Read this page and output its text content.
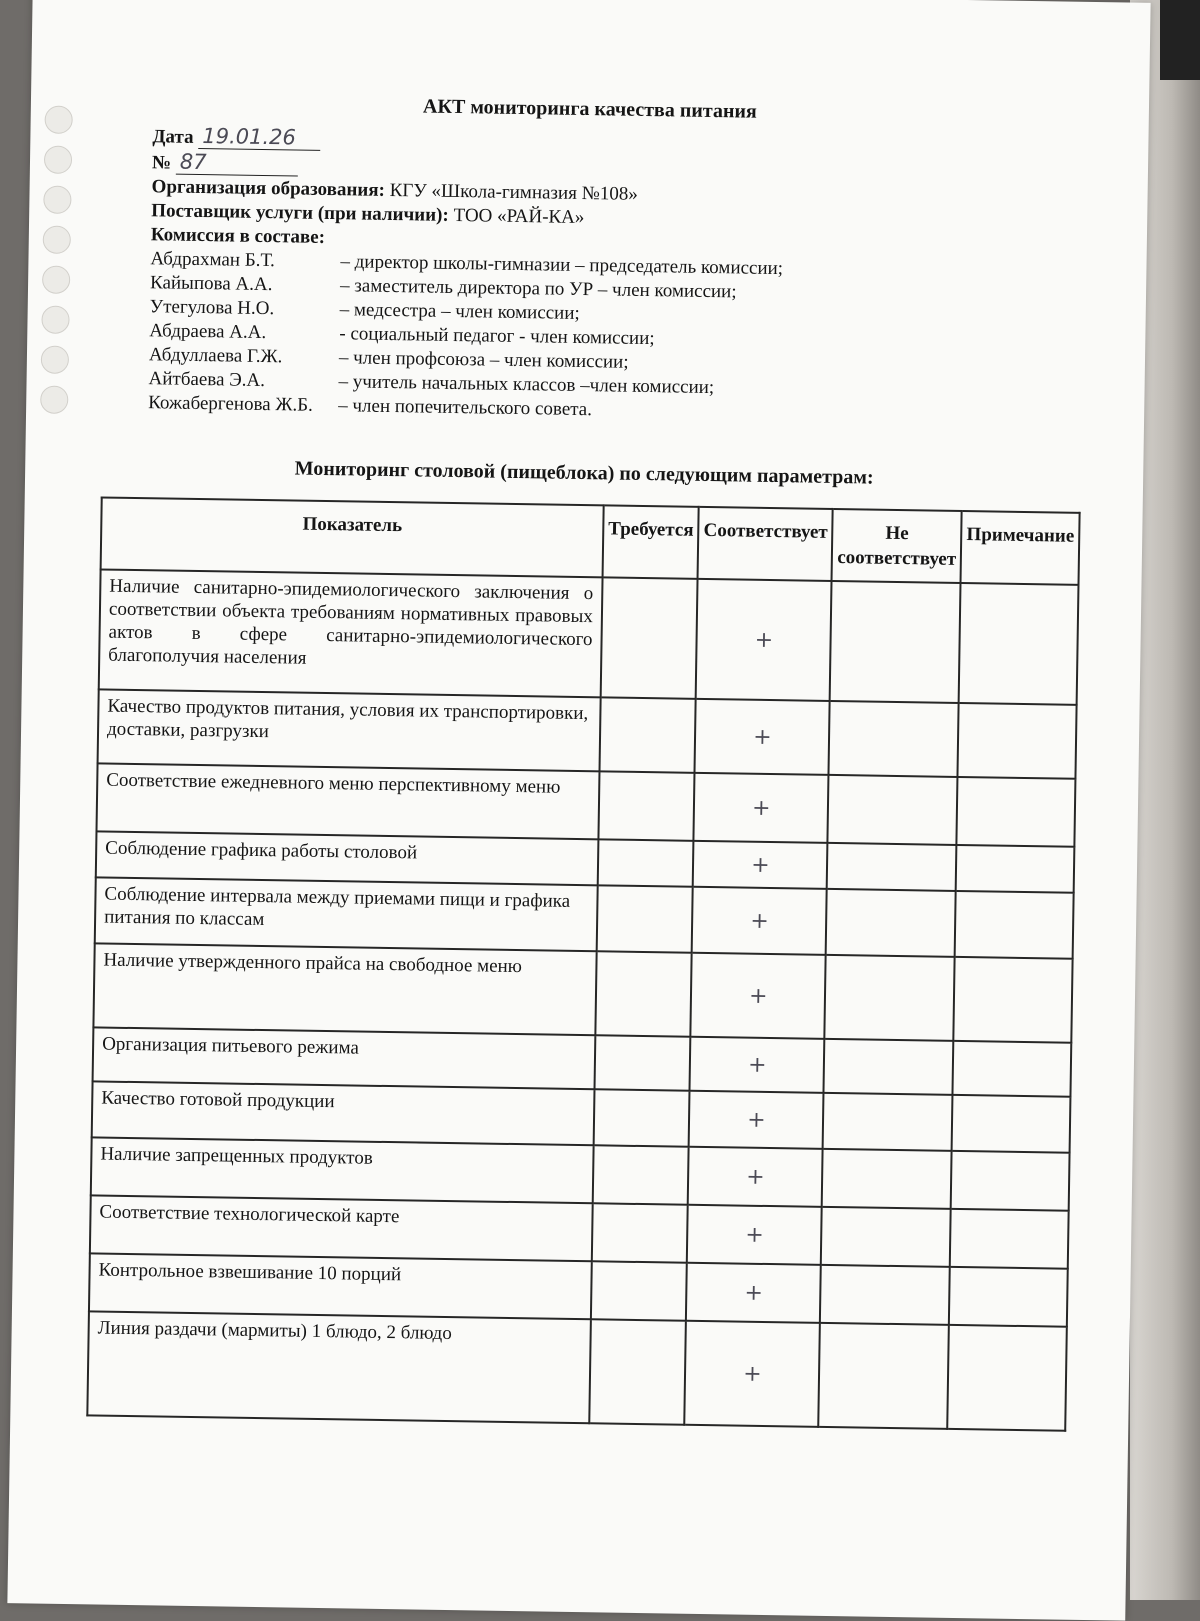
АКТ мониторинга качества питания
Дата 19.01.26
№ 87
Организация образования: КГУ «Школа-гимназия №108»
Поставщик услуги (при наличии): ТОО «РАЙ-КА»
Комиссия в составе:
Абдрахман Б.Т.	– директор школы-гимназии – председатель комиссии;
Кайыпова А.А.	– заместитель директора по УР – член комиссии;
Утегулова Н.О.	– медсестра – член комиссии;
Абдраева А.А.	- социальный педагог - член комиссии;
Абдуллаева Г.Ж.	– член профсоюза – член комиссии;
Айтбаева Э.А.	– учитель начальных классов –член комиссии;
Кожабергенова Ж.Б.	– член попечительского совета.
Мониторинг столовой (пищеблока) по следующим параметрам:
Показатель	Требуется	Соответствует	Не соответствует	Примечание
Наличие санитарно-эпидемиологического заключения о соответствии объекта требованиям нормативных правовых актов в сфере санитарно-эпидемиологического благополучия населения		+		
Качество продуктов питания, условия их транспортировки, доставки, разгрузки		+		
Соответствие ежедневного меню перспективному меню		+		
Соблюдение графика работы столовой		+		
Соблюдение интервала между приемами пищи и графика питания по классам		+		
Наличие утвержденного прайса на свободное меню		+		
Организация питьевого режима		+		
Качество готовой продукции		+		
Наличие запрещенных продуктов		+		
Соответствие технологической карте		+		
Контрольное взвешивание 10 порций		+		
Линия раздачи (мармиты) 1 блюдо, 2 блюдо		+		
